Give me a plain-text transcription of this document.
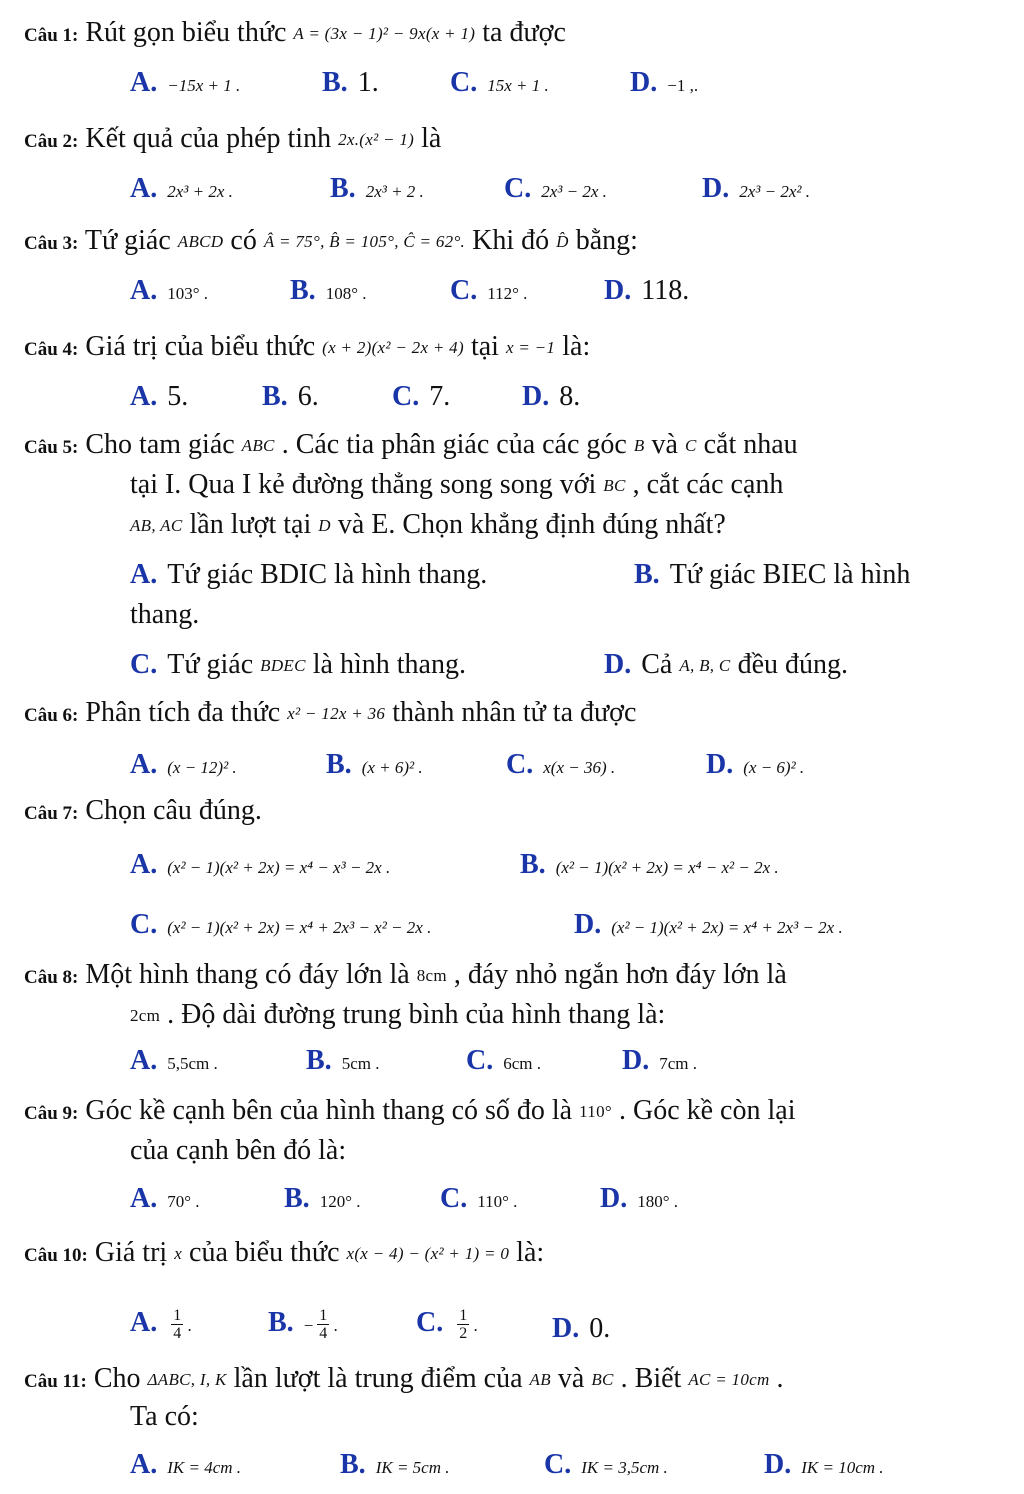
Câu 1: Rút gọn biểu thức A = (3x − 1)² − 9x(x + 1) ta được
A. −15x + 1 .	B. 1.	C. 15x + 1 .	D. −1 ,.
Câu 2: Kết quả của phép tinh 2x.(x² − 1) là
A. 2x³ + 2x .	B. 2x³ + 2 .	C. 2x³ − 2x .	D. 2x³ − 2x² .
Câu 3: Tứ giác ABCD có Â = 75°, B̂ = 105°, Ĉ = 62°. Khi đó D̂ bằng:
A. 103° .	B. 108° .	C. 112° .	D. 118.
Câu 4: Giá trị của biểu thức (x + 2)(x² − 2x + 4) tại x = −1 là:
A. 5.	B. 6.	C. 7.	D. 8.
Câu 5: Cho tam giác ABC . Các tia phân giác của các góc B và C cắt nhau
tại I. Qua I kẻ đường thẳng song song với BC , cắt các cạnh
AB, AC lần lượt tại D và E. Chọn khẳng định đúng nhất?
A. Tứ giác BDIC là hình thang.	B. Tứ giác BIEC là hình
thang.
C. Tứ giác BDEC là hình thang.	D. Cả A, B, C đều đúng.
Câu 6: Phân tích đa thức x² − 12x + 36 thành nhân tử ta được
A. (x − 12)² .	B. (x + 6)² .	C. x(x − 36) .	D. (x − 6)² .
Câu 7: Chọn câu đúng.
A. (x² − 1)(x² + 2x) = x⁴ − x³ − 2x .	B. (x² − 1)(x² + 2x) = x⁴ − x² − 2x .
C. (x² − 1)(x² + 2x) = x⁴ + 2x³ − x² − 2x .	D. (x² − 1)(x² + 2x) = x⁴ + 2x³ − 2x .
Câu 8: Một hình thang có đáy lớn là 8cm , đáy nhỏ ngắn hơn đáy lớn là
2cm . Độ dài đường trung bình của hình thang là:
A. 5,5cm .	B. 5cm .	C. 6cm .	D. 7cm .
Câu 9: Góc kề cạnh bên của hình thang có số đo là 110° . Góc kề còn lại
của cạnh bên đó là:
A. 70° .	B. 120° .	C. 110° .	D. 180° .
Câu 10: Giá trị x của biểu thức x(x − 4) − (x² + 1) = 0 là:
A. $\frac{1}{4}$ .	B. − $\frac{1}{4}$ .	C. $\frac{1}{2}$ .	D. 0.
Câu 11: Cho ΔABC, I, K lần lượt là trung điểm của AB và BC . Biết AC = 10cm .
Ta có:
A. IK = 4cm .	B. IK = 5cm .	C. IK = 3,5cm .	D. IK = 10cm .
